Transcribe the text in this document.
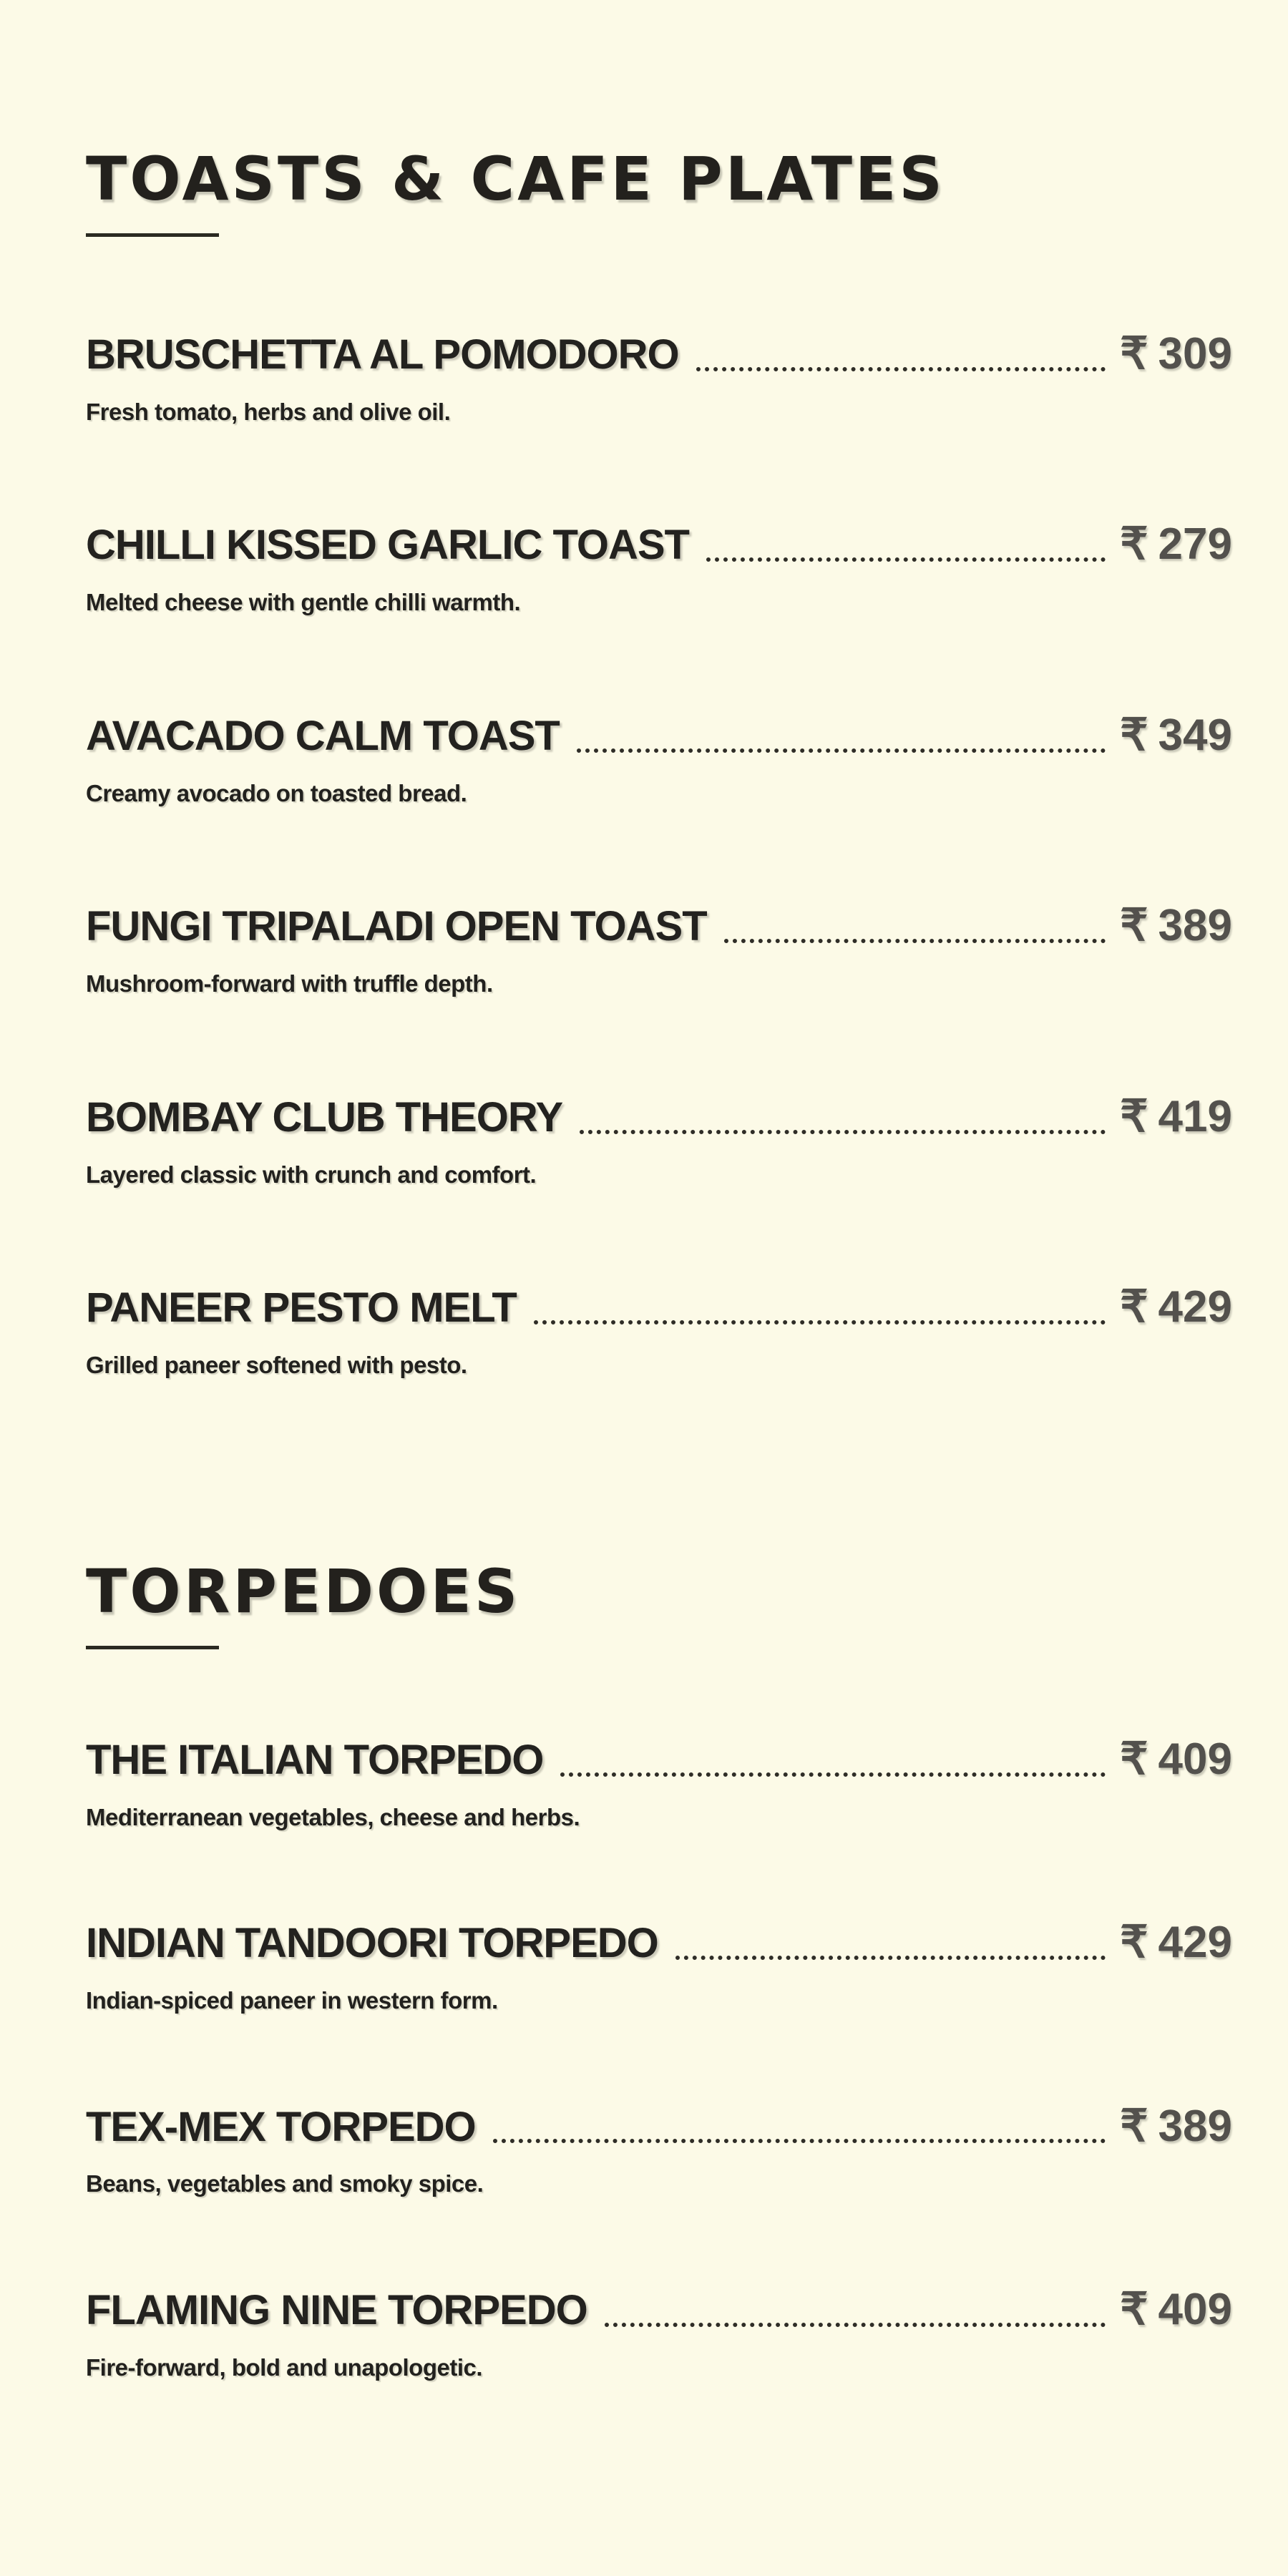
TOASTS & CAFE PLATES
BRUSCHETTA AL POMODORO	₹ 309
Fresh tomato, herbs and olive oil.
CHILLI KISSED GARLIC TOAST	₹ 279
Melted cheese with gentle chilli warmth.
AVACADO CALM TOAST	₹ 349
Creamy avocado on toasted bread.
FUNGI TRIPALADI OPEN TOAST	₹ 389
Mushroom-forward with truffle depth.
BOMBAY CLUB THEORY	₹ 419
Layered classic with crunch and comfort.
PANEER PESTO MELT	₹ 429
Grilled paneer softened with pesto.
TORPEDOES
THE ITALIAN TORPEDO	₹ 409
Mediterranean vegetables, cheese and herbs.
INDIAN TANDOORI TORPEDO	₹ 429
Indian-spiced paneer in western form.
TEX-MEX TORPEDO	₹ 389
Beans, vegetables and smoky spice.
FLAMING NINE TORPEDO	₹ 409
Fire-forward, bold and unapologetic.
